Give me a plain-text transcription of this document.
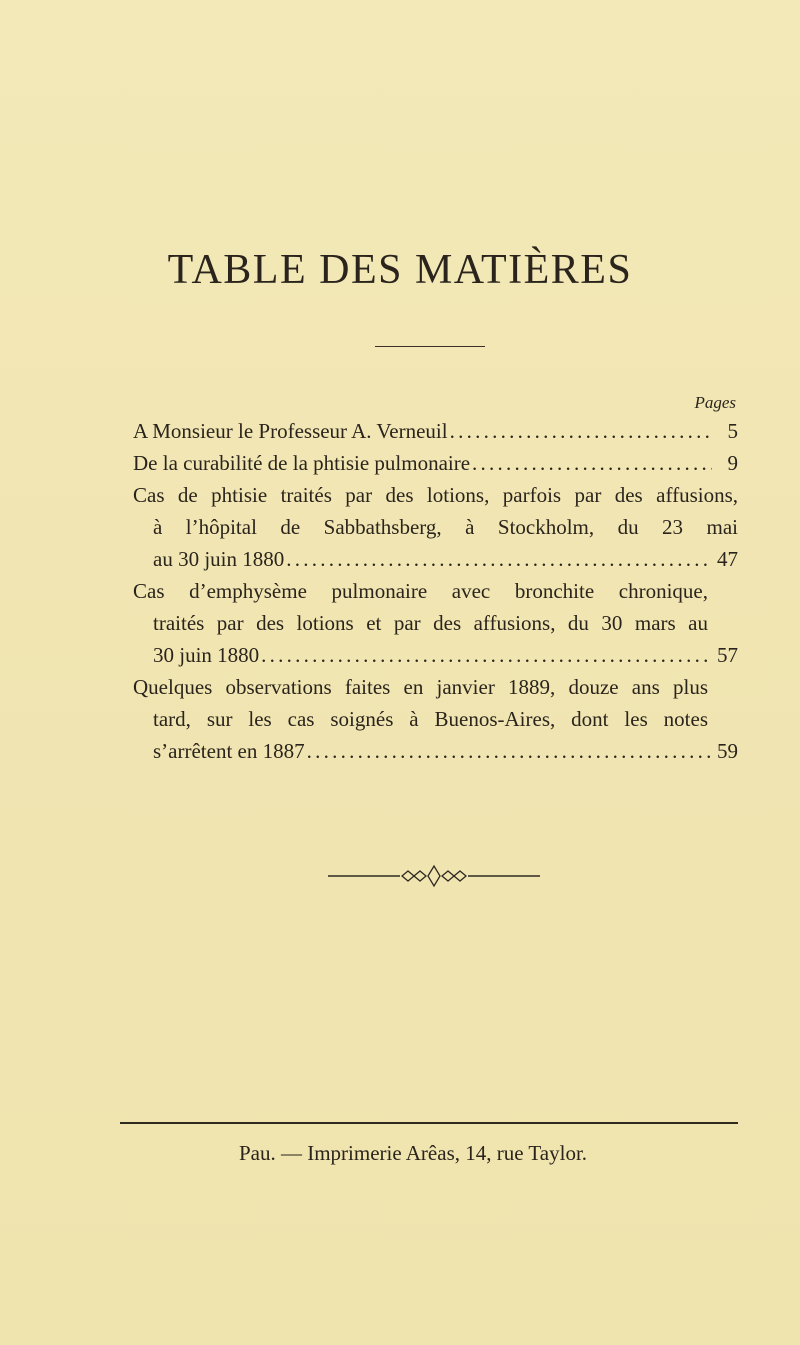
TABLE DES MATIÈRES
Pages
A Monsieur le Professeur A. Verneuil . . .	5
De la curabilité de la phtisie pulmonaire . . .	9
Cas de phtisie traités par des lotions, parfois par des affusions,
à l’hôpital de Sabbathsberg, à Stockholm, du 23 mai
au 30 juin 1880 . . .	47
Cas d’emphysème pulmonaire avec bronchite chronique,
traités par des lotions et par des affusions, du 30 mars au
30 juin 1880 . . .	57
Quelques observations faites en janvier 1889, douze ans plus
tard, sur les cas soignés à Buenos-Aires, dont les notes
s’arrêtent en 1887 . . .	59
Pau. — Imprimerie Arêas, 14, rue Taylor.
